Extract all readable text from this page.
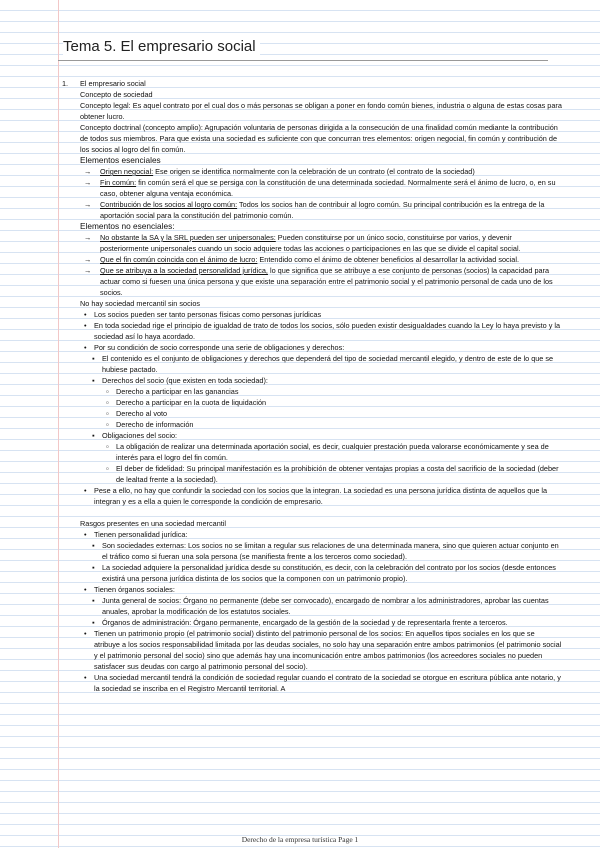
Tema 5. El empresario social
1. El empresario social
Concepto de sociedad
Concepto legal: Es aquel contrato por el cual dos o más personas se obligan a poner en fondo común bienes, industria o alguna de estas cosas para obtener lucro.
Concepto doctrinal (concepto amplio): Agrupación voluntaria de personas dirigida a la consecución de una finalidad común mediante la contribución de todos sus miembros. Para que exista una sociedad es suficiente con que concurran tres elementos: origen negocial, fin común y contribución de los socios al logro del fin común.
Elementos esenciales
→ Origen negocial: Ese origen se identifica normalmente con la celebración de un contrato (el contrato de la sociedad)
→ Fin común: fin común será el que se persiga con la constitución de una determinada sociedad. Normalmente será el ánimo de lucro, o, en su caso, obtener alguna ventaja económica.
→ Contribución de los socios al logro común: Todos los socios han de contribuir al logro común. Su principal contribución es la entrega de la aportación social para la constitución del patrimonio común.
Elementos no esenciales:
→ No obstante la SA y la SRL pueden ser unipersonales: Pueden constituirse por un único socio, constituirse por varios, y devenir posteriormente unipersonales cuando un socio adquiere todas las acciones o participaciones en las que se divide el capital social.
→ Que el fin común coincida con el ánimo de lucro: Entendido como el ánimo de obtener beneficios al desarrollar la actividad social.
→ Que se atribuya a la sociedad personalidad jurídica, lo que significa que se atribuye a ese conjunto de personas (socios) la capacidad para actuar como si fuesen una única persona y que existe una separación entre el patrimonio social y el patrimonio personal de cada uno de los socios.
No hay sociedad mercantil sin socios
• Los socios pueden ser tanto personas físicas como personas jurídicas
• En toda sociedad rige el principio de igualdad de trato de todos los socios, sólo pueden existir desigualdades cuando la Ley lo haya previsto y la sociedad así lo haya acordado.
• Por su condición de socio corresponde una serie de obligaciones y derechos:
▪ El contenido es el conjunto de obligaciones y derechos que dependerá del tipo de sociedad mercantil elegido, y dentro de este de lo que se hubiese pactado.
▪ Derechos del socio (que existen en toda sociedad):
▫ Derecho a participar en las ganancias
▫ Derecho a participar en la cuota de liquidación
▫ Derecho al voto
▫ Derecho de información
▪ Obligaciones del socio:
▫ La obligación de realizar una determinada aportación social, es decir, cualquier prestación pueda valorarse económicamente y sea de interés para el logro del fin común.
▫ El deber de fidelidad: Su principal manifestación es la prohibición de obtener ventajas propias a costa del sacrificio de la sociedad (deber de lealtad frente a la sociedad).
• Pese a ello, no hay que confundir la sociedad con los socios que la integran. La sociedad es una persona jurídica distinta de aquellos que la integran y es a ella a quien le corresponde la condición de empresario.
Rasgos presentes en una sociedad mercantil
• Tienen personalidad jurídica:
▪ Son sociedades externas: Los socios no se limitan a regular sus relaciones de una determinada manera, sino que quieren actuar conjunto en el tráfico como si fueran una sola persona (se manifiesta frente a los terceros como sociedad).
▪ La sociedad adquiere la personalidad jurídica desde su constitución, es decir, con la celebración del contrato por los socios (desde entonces existirá una persona jurídica distinta de los socios que la componen con un patrimonio propio).
• Tienen órganos sociales:
▪ Junta general de socios: Órgano no permanente (debe ser convocado), encargado de nombrar a los administradores, aprobar las cuentas anuales, aprobar la modificación de los estatutos sociales.
▪ Órganos de administración: Órgano permanente, encargado de la gestión de la sociedad y de representarla frente a terceros.
• Tienen un patrimonio propio (el patrimonio social) distinto del patrimonio personal de los socios: En aquellos tipos sociales en los que se atribuye a los socios responsabilidad limitada por las deudas sociales, no solo hay una separación entre ambos patrimonios (el patrimonio social y el patrimonio personal del socio) sino que además hay una incomunicación entre ambos patrimonios (los acreedores sociales no pueden satisfacer sus deudas con cargo al patrimonio personal del socio).
• Una sociedad mercantil tendrá la condición de sociedad regular cuando el contrato de la sociedad se otorgue en escritura pública ante notario, y la sociedad se inscriba en el Registro Mercantil territorial. A
Derecho de la empresa turística Page 1
